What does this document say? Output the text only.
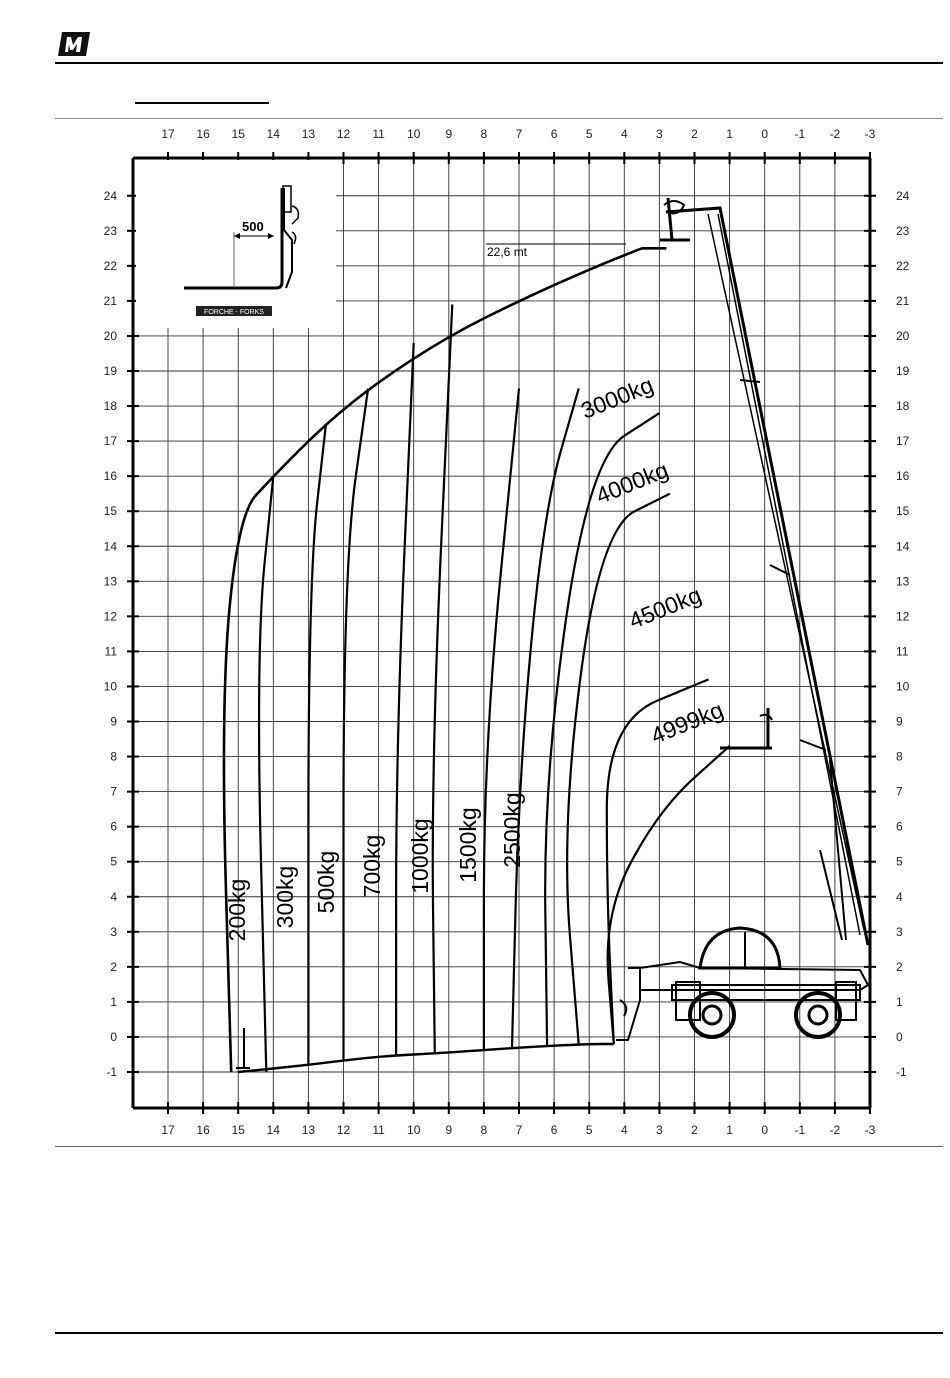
17
17
16
16
15
15
14
14
13
13
12
12
11
11
10
10
9
9
8
8
7
7
6
6
5
5
4
4
3
3
2
2
1
1
0
0
-1
-1
-2
-2
-3
-3
24	24
23	23
22	22
21	21
20	20
19	19
18	18
17	17
16	16
15	15
14	14
13	13
12	12
11	11
10	10
9	9
8	8
7	7
6	6
5	5
4	4
3	3
2	2
1	1
0	0
-1	-1
500
FORCHE - FORKS
22,6 mt
200kg 300kg 500kg 700kg 1000kg 1500kg 2500kg
3000kg
4000kg
4500kg
4999kg
